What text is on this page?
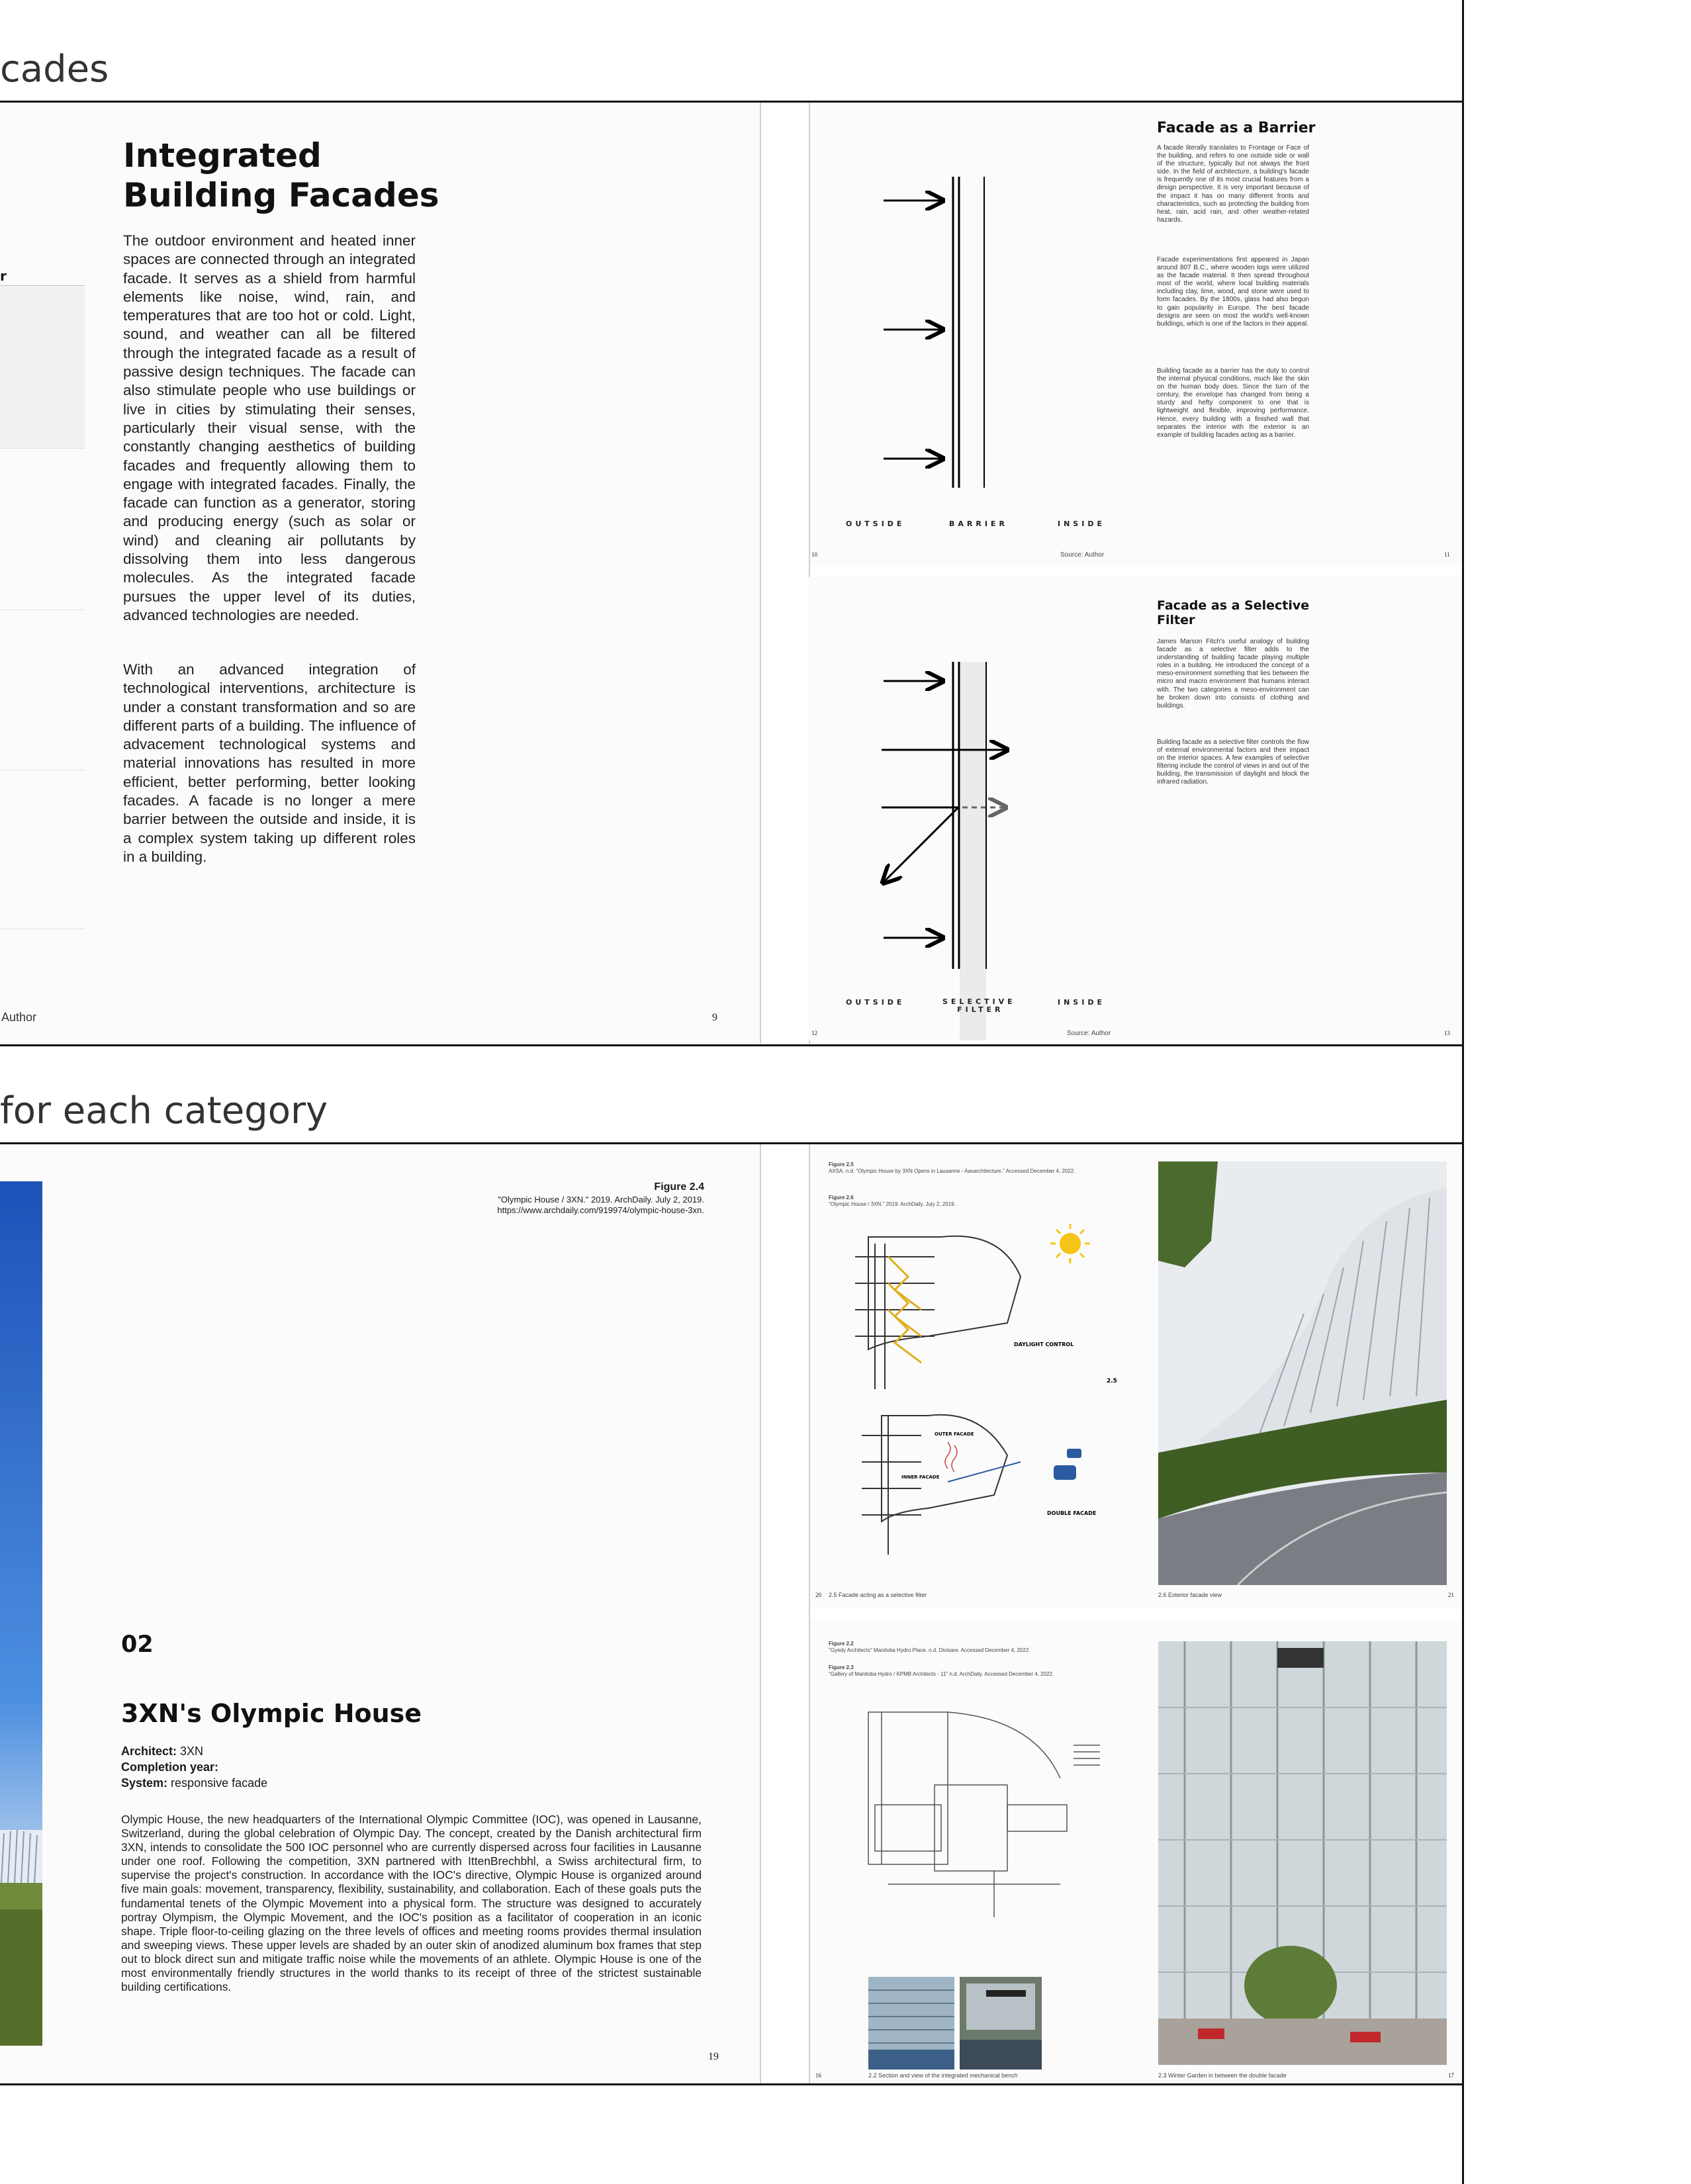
cades
r
Author
Integrated Building Facades

The outdoor environment and heated inner spaces are connected through an integrated facade. It serves as a shield from harmful elements like noise, wind, rain, and temperatures that are too hot or cold. Light, sound, and weather can all be filtered through the integrated facade as a result of passive design techniques. The facade can also stimulate people who use buildings or live in cities by stimulating their senses, particularly their visual sense, with the constantly changing aesthetics of building facades and frequently allowing them to engage with integrated facades. Finally, the facade can function as a generator, storing and producing energy (such as solar or wind) and cleaning air pollutants by dissolving them into less dangerous molecules. As the integrated facade pursues the upper level of its duties, advanced technologies are needed.

With an advanced integration of technological interventions, architecture is under a constant transformation and so are different parts of a building. The influence of advacement technological systems and material innovations has resulted in more efficient, better performing, better looking facades. A facade is no longer a mere barrier between the outside and inside, it is a complex system taking up different roles in a building.

9
OUTSIDE	BARRIER	INSIDE
Source: Author
10	11
Facade as a Barrier

A facade literally translates to Frontage or Face of the building, and refers to one outside side or wall of the structure, typically but not always the front side. In the field of architecture, a building's facade is frequently one of its most crucial features from a design perspective. It is very important because of the impact it has on many different fronts and characteristics, such as protecting the building from heat, rain, acid rain, and other weather-related hazards.

Facade experimentations first appeared in Japan around 807 B.C., where wooden logs were utilized as the facade material. It then spread throughout most of the world, where local building materials including clay, lime, wood, and stone were used to form facades. By the 1800s, glass had also begun to gain popularity in Europe. The best facade designs are seen on most the world's well-known buildings, which is one of the factors in their appeal.

Building facade as a barrier has the duty to control the internal physical conditions, much like the skin on the human body does. Since the turn of the century, the envelope has changed from being a sturdy and hefty component to one that is lightweight and flexible, improving performance. Hence, every building with a finished wall that separates the interior with the exterior is an example of building facades acting as a barrier.

OUTSIDE	SELECTIVE
FILTER
INSIDE
Source: Author
12	13
Facade as a Selective Filter

James Marson Fitch's useful analogy of building facade as a selective filter adds to the understanding of building facade playing multiple roles in a building. He introduced the concept of a meso-environment something that lies between the micro and macro environment that humans interact with. The two categories a meso-environment can be broken down into consists of clothing and buildings.

Building facade as a selective filter controls the flow of external environmental factors and their impact on the interior spaces. A few examples of selective filtering include the control of views in and out of the building, the transmission of daylight and block the infrared radiation.

for each category
Figure 2.4
"Olympic House / 3XN." 2019. ArchDaily. July 2, 2019.
https://www.archdaily.com/919974/olympic-house-3xn.
02
3XN's Olympic House
Architect: 3XN
Completion year:
System: responsive facade

Olympic House, the new headquarters of the International Olympic Committee (IOC), was opened in Lausanne, Switzerland, during the global celebration of Olympic Day. The concept, created by the Danish architectural firm 3XN, intends to consolidate the 500 IOC personnel who are currently dispersed across four facilities in Lausanne under one roof. Following the competition, 3XN partnered with IttenBrechbhl, a Swiss architectural firm, to supervise the project's construction. In accordance with the IOC's directive, Olympic House is organized around five main goals: movement, transparency, flexibility, sustainability, and collaboration. Each of these goals puts the fundamental tenets of the Olympic Movement into a physical form. The structure was designed to accurately portray Olympism, the Olympic Movement, and the IOC's position as a facilitator of cooperation in an iconic shape. Triple floor-to-ceiling glazing on the three levels of offices and meeting rooms provides thermal insulation and sweeping views. These upper levels are shaded by an outer skin of anodized aluminum box frames that step out to block direct sun and mitigate traffic noise while the movements of an athlete. Olympic House is one of the most environmentally friendly structures in the world thanks to its receipt of three of the strictest sustainable building certifications.

19
Figure 2.5
AXSA. n.d. "Olympic House by 3XN Opens in Lausanne - Aasarchitecture." Accessed December 4, 2022.
Figure 2.6
"Olympic House / 3XN." 2019. ArchDaily. July 2, 2019.
DAYLIGHT CONTROL
OUTER FACADE
INNER FACADE
DOUBLE FACADE
2.5
2.5 Facade acting as a selective filter	2.6 Exterior facade view
20	21
Figure 2.2
"Gyedy Architects" Manitoba Hydro Place. n.d. Divisare. Accessed December 4, 2022.
Figure 2.3
"Gallery of Manitoba Hydro / KPMB Architects - 11" n.d. ArchDaily. Accessed December 4, 2022.
2.2 Section and view of the integrated mechanical bench	2.3 Winter Garden in between the double facade
16	17
